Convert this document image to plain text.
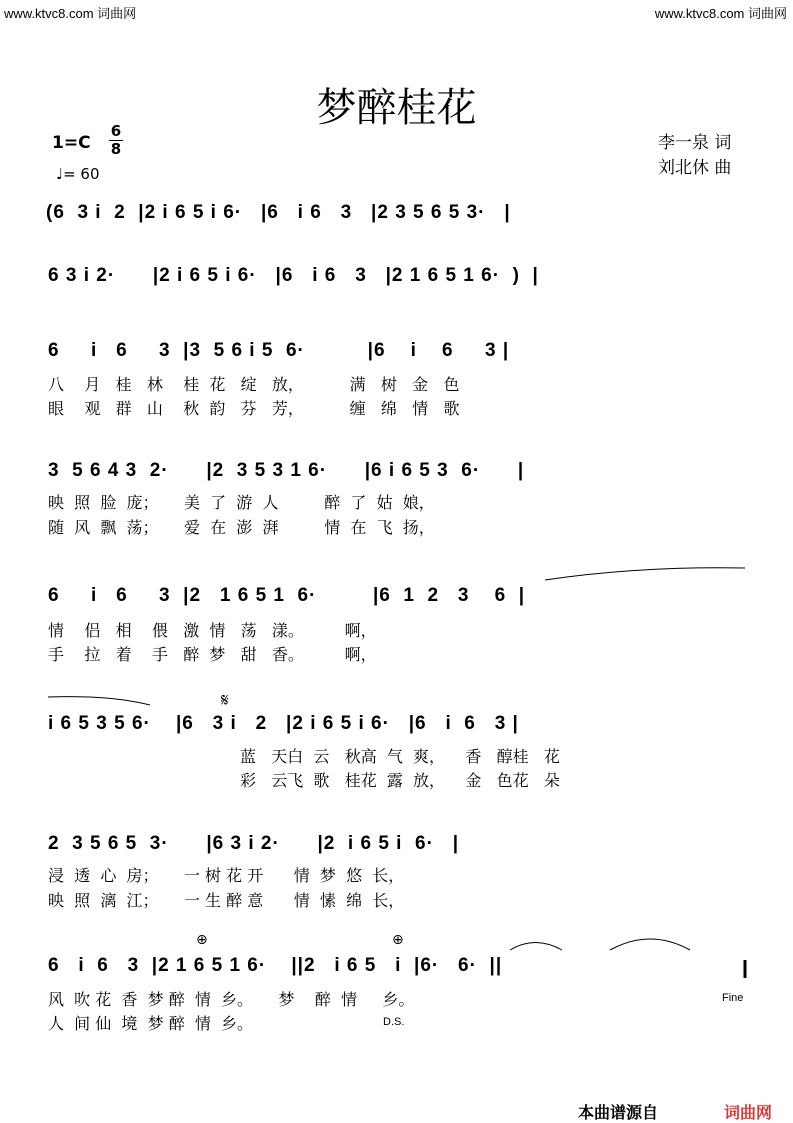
www.ktvc8.com 词曲网	www.ktvc8.com 词曲网
梦醉桂花
1=C
6
8
♩= 60
李一泉 词
刘北休 曲
(6  3 i  2  |2 i 6 5 i 6·   |6   i 6   3   |2 3 5 6 5 3·   |
6 3 i 2·      |2 i 6 5 i 6·   |6   i 6   3   |2 1 6 5 1 6·  )  |
6     i   6     3  |3  5 6 i 5  6·          |6    i    6     3 |
八    月   桂   林    桂  花   绽   放，         满   树   金   色
眼    观   群   山    秋  韵   芬   芳，         缠   绵   情   歌
3  5 6 4 3  2·      |2  3 5 3 1 6·      |6 i 6 5 3  6·      |
映  照  脸  庞；     美  了  游  人         醉  了  姑  娘，
随  风  飘  荡；     爱  在  澎  湃         情  在  飞  扬，
6     i   6     3  |2   1 6 5 1  6·         |6  1  2   3    6  |
情    侣   相    偎   激  情   荡   漾。        啊，
手    拉   着    手   醉  梦   甜   香。        啊，
𝄋
i 6 5 3 5 6·    |6   3 i   2   |2 i 6 5 i 6·   |6   i  6   3 |
蓝   天白  云   秋高  气  爽，    香   醇桂   花
彩   云飞  歌   桂花  露  放，    金   色花   朵
2  3 5 6 5  3·      |6 3 i 2·      |2  i 6 5 i  6·   |
浸  透  心  房；     一 树 花 开      情  梦  悠  长，
映  照  漓  江；     一 生 醉 意      情  愫  绵  长，
⊕	⊕
6   i  6   3  |2 1 6 5 1 6·    ||2   i 6 5   i  |6·   6·  ||
风  吹 花  香  梦 醉  情  乡。     梦    醉  情     乡。
人  间 仙  境  梦 醉  情  乡。	D.S.
Fine
本曲谱源自	词曲网
